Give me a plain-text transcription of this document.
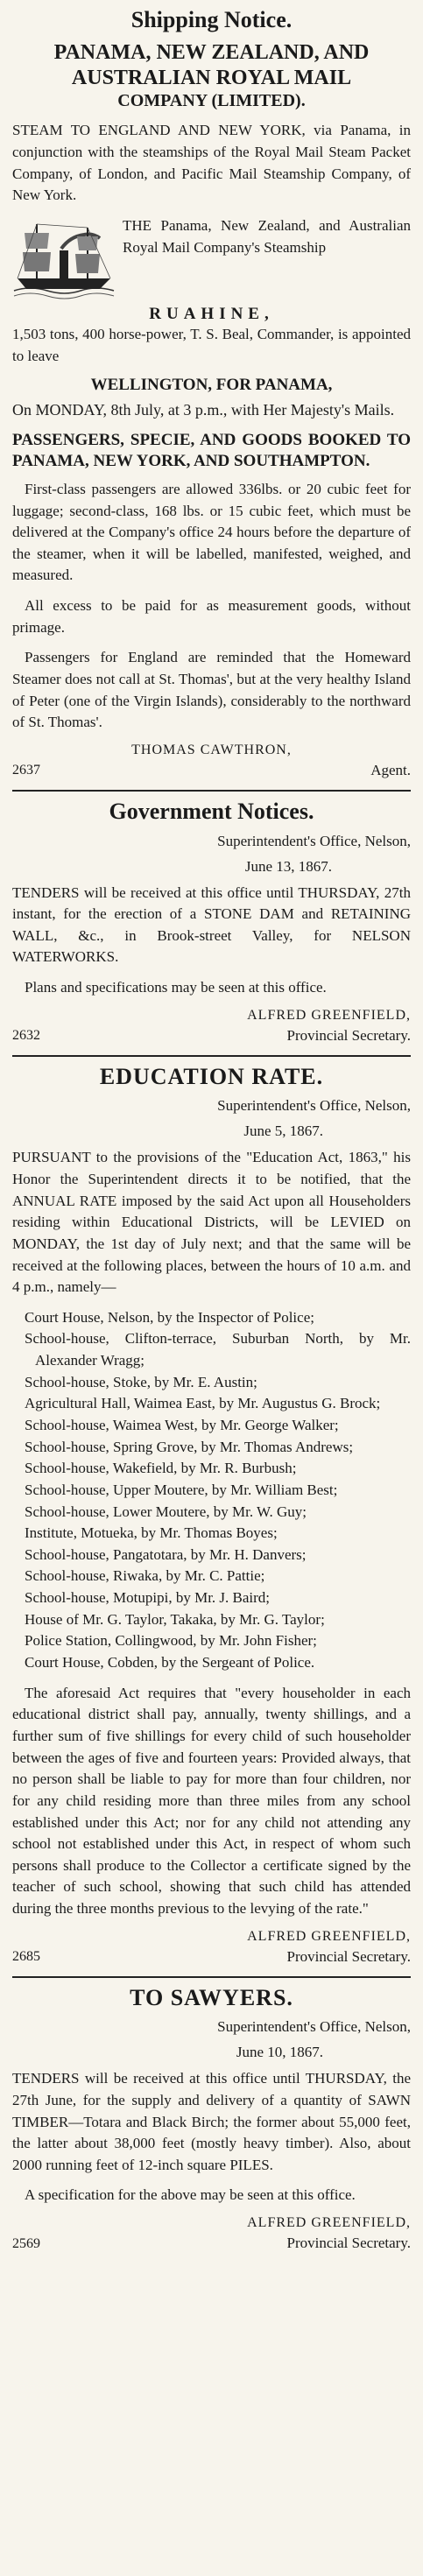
Shipping Notice.
PANAMA, NEW ZEALAND, AND
AUSTRALIAN ROYAL MAIL
COMPANY (LIMITED).

STEAM TO ENGLAND AND NEW YORK, via Panama, in conjunction with the steamships of the Royal Mail Steam Packet Company, of London, and Pacific Mail Steamship Company, of New York.

THE Panama, New Zealand, and Australian Royal Mail Company's Steamship
RUAHINE,

1,503 tons, 400 horse-power, T. S. Beal, Commander, is appointed to leave

WELLINGTON, FOR PANAMA,

On MONDAY, 8th July, at 3 p.m., with Her Majesty's Mails.

PASSENGERS, SPECIE, AND GOODS BOOKED TO PANAMA, NEW YORK, AND SOUTHAMPTON.

First-class passengers are allowed 336lbs. or 20 cubic feet for luggage; second-class, 168 lbs. or 15 cubic feet, which must be delivered at the Company's office 24 hours before the departure of the steamer, when it will be labelled, manifested, weighed, and measured.

All excess to be paid for as measurement goods, without primage.

Passengers for England are reminded that the Homeward Steamer does not call at St. Thomas', but at the very healthy Island of Peter (one of the Virgin Islands), considerably to the northward of St. Thomas'.

THOMAS CAWTHRON,
2637	Agent.
Government Notices.
Superintendent's Office, Nelson,
June 13, 1867.

TENDERS will be received at this office until THURSDAY, 27th instant, for the erection of a STONE DAM and RETAINING WALL, &c., in Brook-street Valley, for NELSON WATERWORKS.

Plans and specifications may be seen at this office.

ALFRED GREENFIELD,
2632	Provincial Secretary.
EDUCATION RATE.
Superintendent's Office, Nelson,
June 5, 1867.

PURSUANT to the provisions of the "Education Act, 1863," his Honor the Superintendent directs it to be notified, that the ANNUAL RATE imposed by the said Act upon all Householders residing within Educational Districts, will be LEVIED on MONDAY, the 1st day of July next; and that the same will be received at the following places, between the hours of 10 a.m. and 4 p.m., namely—

Court House, Nelson, by the Inspector of Police;
School-house, Clifton-terrace, Suburban North, by Mr. Alexander Wragg;
School-house, Stoke, by Mr. E. Austin;
Agricultural Hall, Waimea East, by Mr. Augustus G. Brock;
School-house, Waimea West, by Mr. George Walker;
School-house, Spring Grove, by Mr. Thomas Andrews;
School-house, Wakefield, by Mr. R. Burbush;
School-house, Upper Moutere, by Mr. William Best;
School-house, Lower Moutere, by Mr. W. Guy;
Institute, Motueka, by Mr. Thomas Boyes;
School-house, Pangatotara, by Mr. H. Danvers;
School-house, Riwaka, by Mr. C. Pattie;
School-house, Motupipi, by Mr. J. Baird;
House of Mr. G. Taylor, Takaka, by Mr. G. Taylor;
Police Station, Collingwood, by Mr. John Fisher;
Court House, Cobden, by the Sergeant of Police.

The aforesaid Act requires that "every householder in each educational district shall pay, annually, twenty shillings, and a further sum of five shillings for every child of such householder between the ages of five and fourteen years: Provided always, that no person shall be liable to pay for more than four children, nor for any child residing more than three miles from any school established under this Act; nor for any child not attending any school not established under this Act, in respect of whom such persons shall produce to the Collector a certificate signed by the teacher of such school, showing that such child has attended during the three months previous to the levying of the rate."

ALFRED GREENFIELD,
2685	Provincial Secretary.
TO SAWYERS.
Superintendent's Office, Nelson,
June 10, 1867.

TENDERS will be received at this office until THURSDAY, the 27th June, for the supply and delivery of a quantity of SAWN TIMBER—Totara and Black Birch; the former about 55,000 feet, the latter about 38,000 feet (mostly heavy timber). Also, about 2000 running feet of 12-inch square PILES.

A specification for the above may be seen at this office.

ALFRED GREENFIELD,
2569	Provincial Secretary.
